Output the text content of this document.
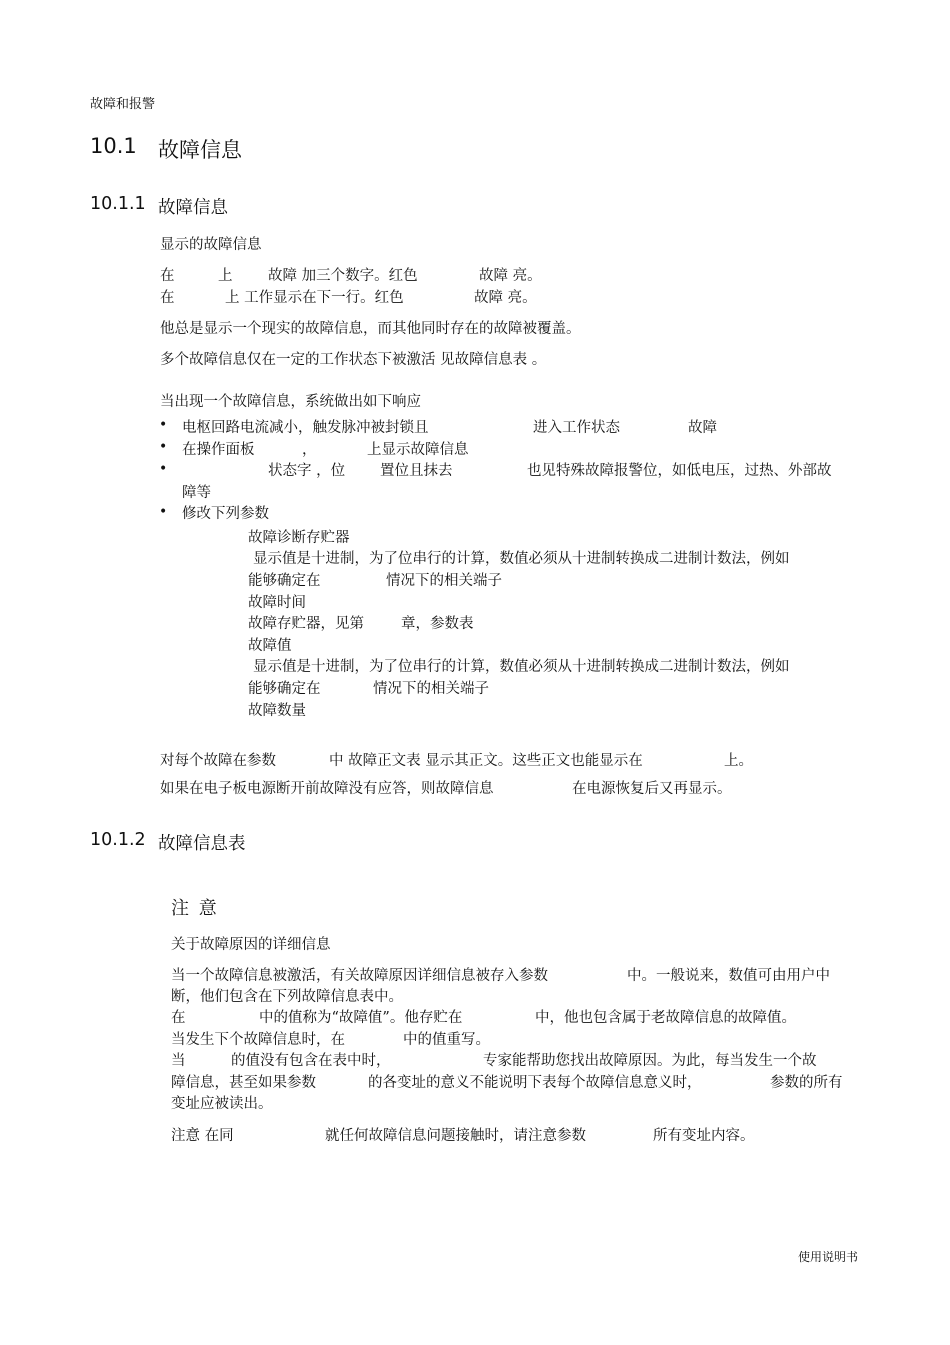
故障和报警
10.1 故障信息
10.1.1 故障信息
显示的故障信息
在	上 故障 加三个数字。红色	故障 亮。
在	上 工作显示在下一行。红色	故障 亮。
他总是显示一个现实的故障信息，而其他同时存在的故障被覆盖。
多个故障信息仅在一定的工作状态下被激活 见故障信息表 。
当出现一个故障信息，系统做出如下响应
• 电枢回路电流减小，触发脉冲被封锁且	进入工作状态	故障
• 在操作面板	，	上显示故障信息
•	状态字 ，位 置位且抹去	也见特殊故障报警位，如低电压，过热、外部故
障等
• 修改下列参数
故障诊断存贮器
显示值是十进制，为了位串行的计算，数值必须从十进制转换成二进制计数法，例如
能够确定在	情况下的相关端子
故障时间
故障存贮器，见第	章，参数表
故障值
显示值是十进制，为了位串行的计算，数值必须从十进制转换成二进制计数法，例如
能够确定在	情况下的相关端子
故障数量
对每个故障在参数	中 故障正文表 显示其正文。这些正文也能显示在	上。
如果在电子板电源断开前故障没有应答，则故障信息	在电源恢复后又再显示。
10.1.2 故障信息表
注 意
关于故障原因的详细信息
当一个故障信息被激活，有关故障原因详细信息被存入参数	中。一般说来，数值可由用户中
断，他们包含在下列故障信息表中。
在	中的值称为“故障值”。他存贮在	中，他也包含属于老故障信息的故障值。
当发生下个故障信息时，在	中的值重写。
当	的值没有包含在表中时，	专家能帮助您找出故障原因。为此，每当发生一个故
障信息，甚至如果参数	的各变址的意义不能说明下表每个故障信息意义时，	参数的所有
变址应被读出。
注意 在同	就任何故障信息问题接触时，请注意参数	所有变址内容。
使用说明书
